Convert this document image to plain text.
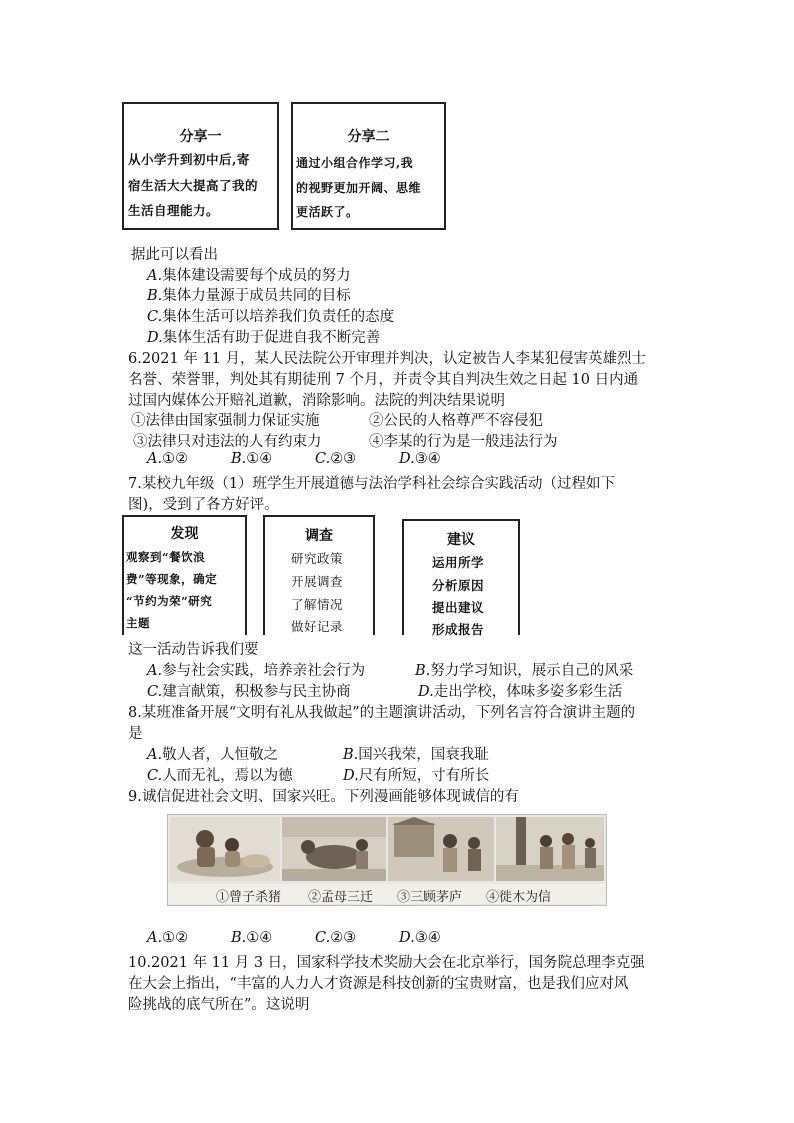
分享一
从小学升到初中后,寄
宿生活大大提高了我的
生活自理能力。
分享二
通过小组合作学习,我
的视野更加开阔、思维
更活跃了。
据此可以看出
A.集体建设需要每个成员的努力
B.集体力量源于成员共同的目标
C.集体生活可以培养我们负责任的态度
D.集体生活有助于促进自我不断完善
6.2021 年 11 月，某人民法院公开审理并判决，认定被告人李某犯侵害英雄烈士
名誉、荣誉罪，判处其有期徒刑 7 个月，并责令其自判决生效之日起 10 日内通
过国内媒体公开赔礼道歉，消除影响。法院的判决结果说明
①法律由国家强制力保证实施	②公民的人格尊严不容侵犯
③法律只对违法的人有约束力	④李某的行为是一般违法行为
A.①②	B.①④	C.②③	D.③④
7.某校九年级（1）班学生开展道德与法治学科社会综合实践活动（过程如下
图)，受到了各方好评。
发现
观察到“餐饮浪
费”等现象，确定
“节约为荣”研究
主题
调查
研究政策
开展调查
了解情况
做好记录
建议
运用所学
分析原因
提出建议
形成报告
这一活动告诉我们要
A.参与社会实践，培养亲社会行为	B.努力学习知识，展示自己的风采
C.建言献策，积极参与民主协商	D.走出学校，体味多姿多彩生活
8.某班准备开展“文明有礼从我做起”的主题演讲活动，下列名言符合演讲主题的
是
A.敬人者，人恒敬之	B.国兴我荣，国衰我耻
C.人而无礼，焉以为德	D.尺有所短，寸有所长
9.诚信促进社会文明、国家兴旺。下列漫画能够体现诚信的有
①曾子杀猪 ②孟母三迁 ③三顾茅庐 ④徙木为信
A.①②	B.①④	C.②③	D.③④
10.2021 年 11 月 3 日，国家科学技术奖励大会在北京举行，国务院总理李克强
在大会上指出，“丰富的人力人才资源是科技创新的宝贵财富，也是我们应对风
险挑战的底气所在”。这说明
